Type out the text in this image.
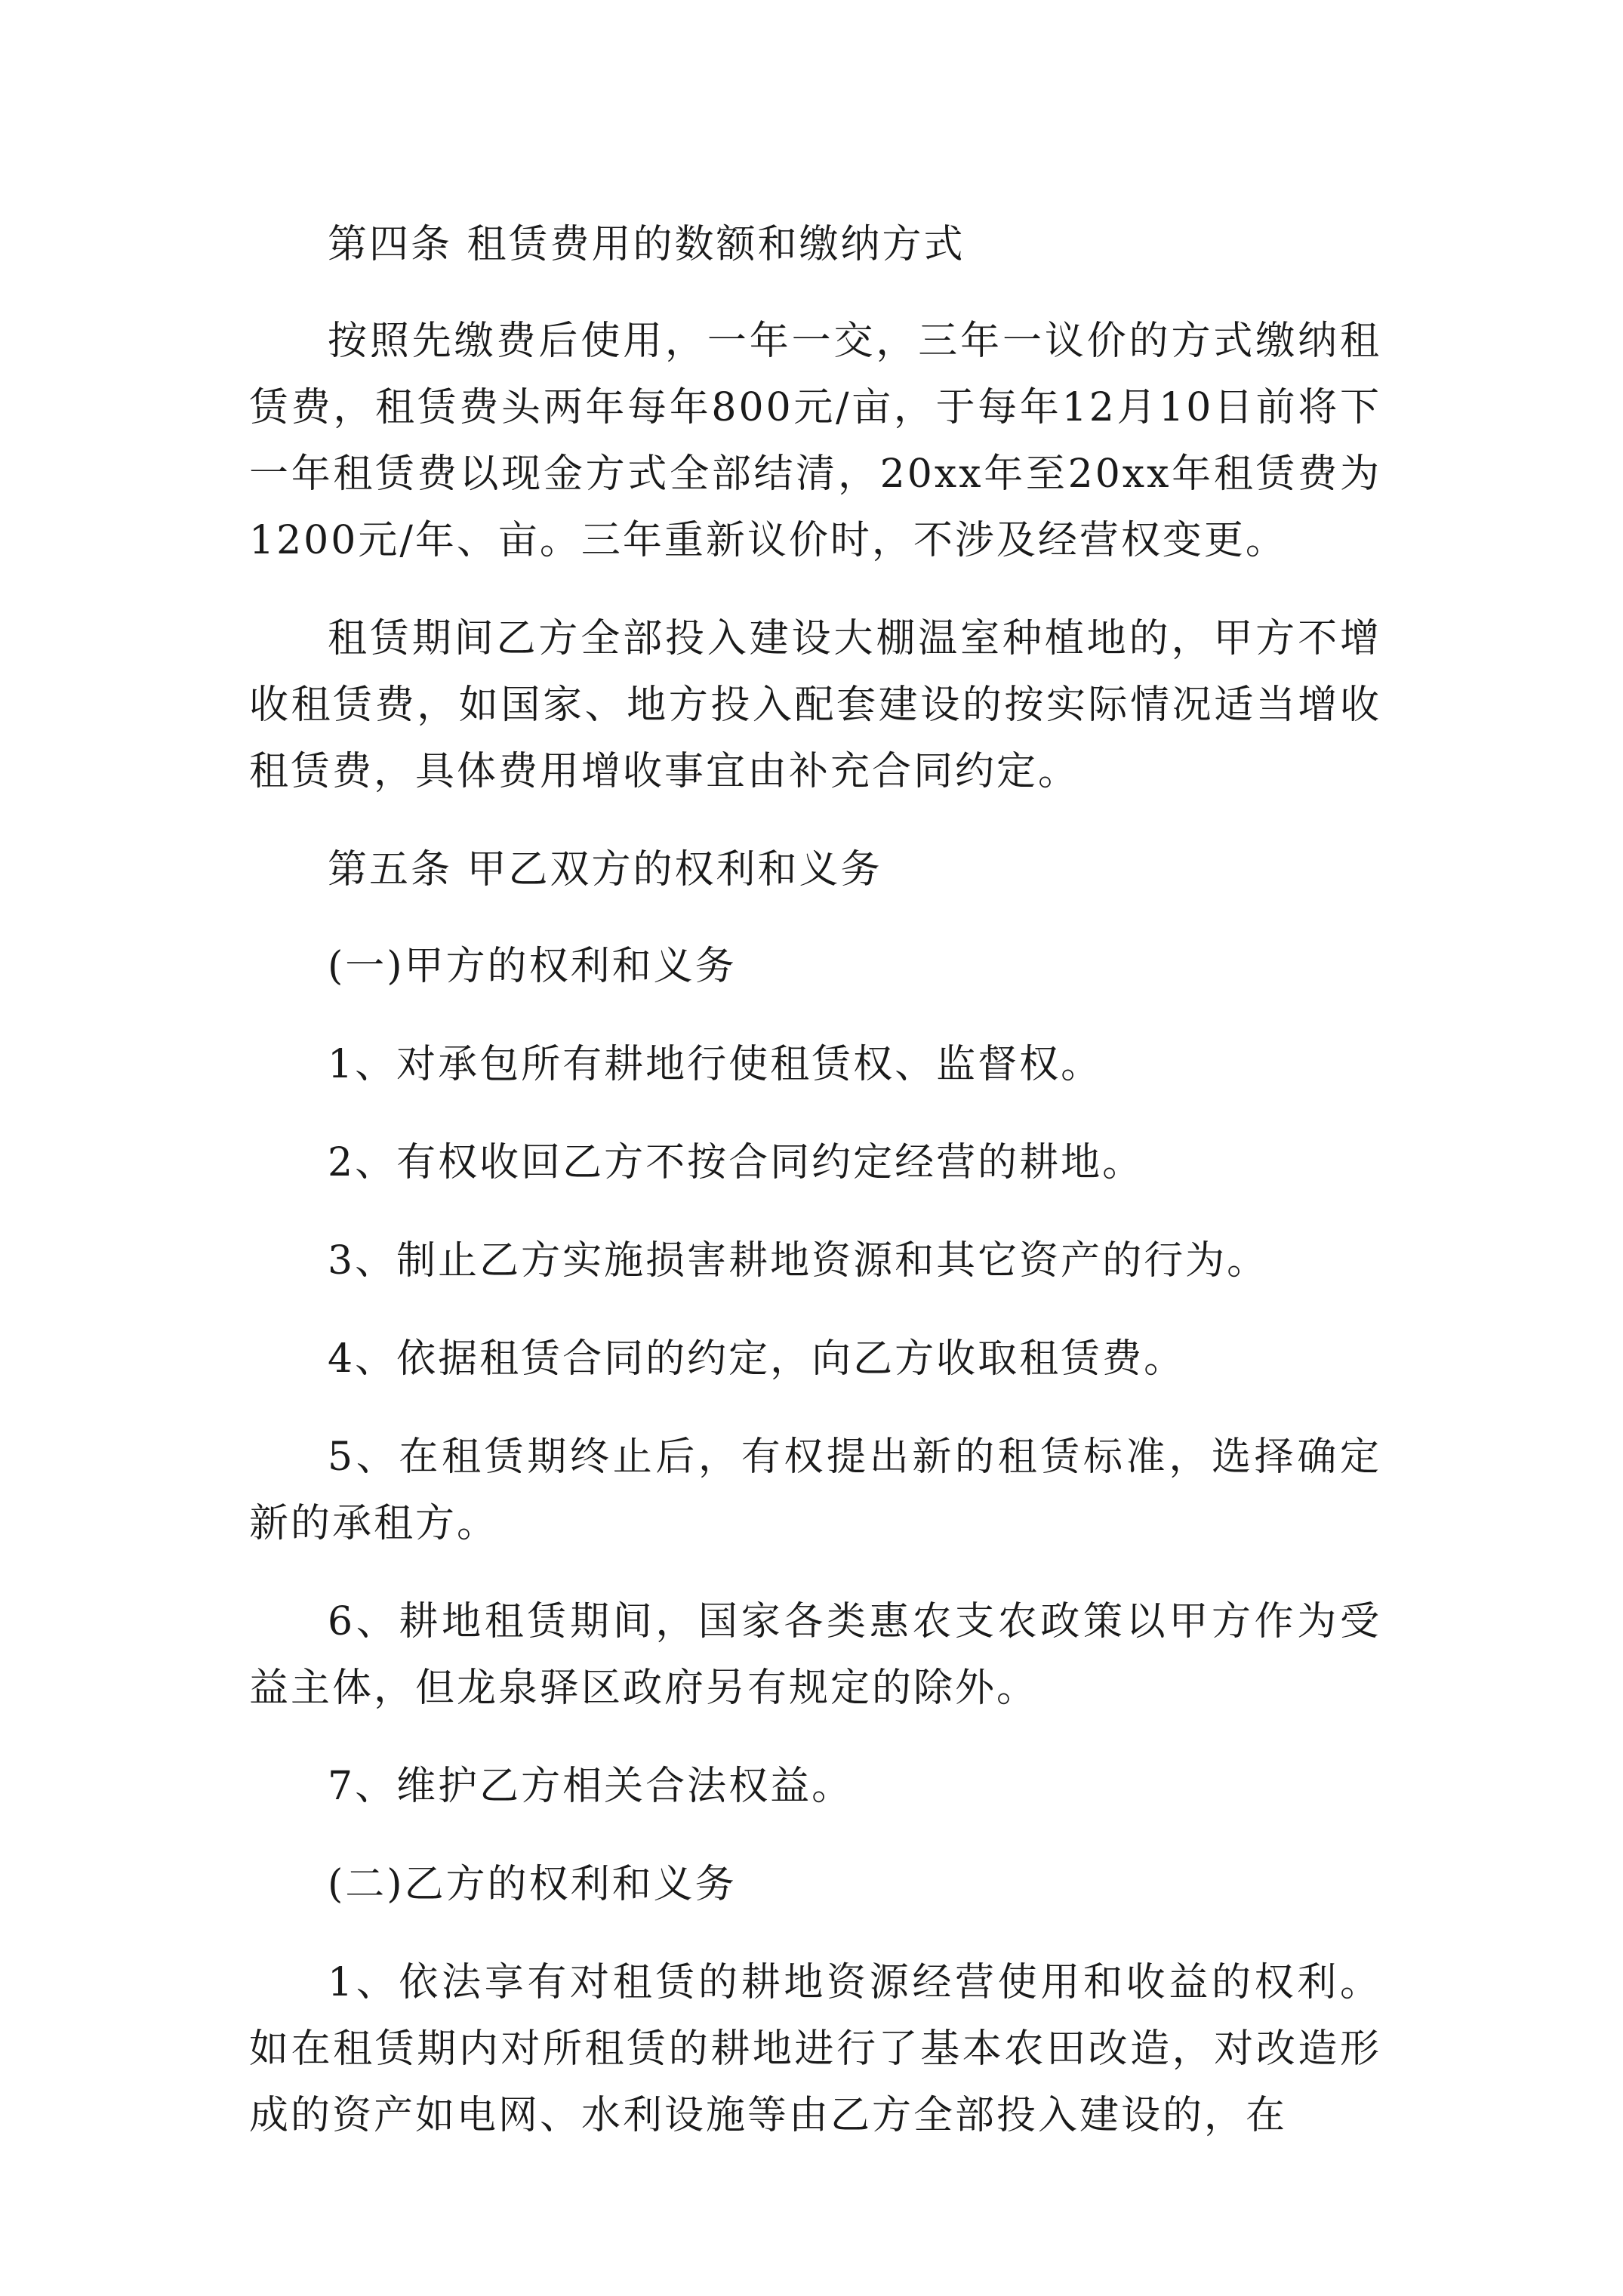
第四条 租赁费用的数额和缴纳方式

按照先缴费后使用，一年一交，三年一议价的方式缴纳租赁费，租赁费头两年每年800元/亩，于每年12月10日前将下一年租赁费以现金方式全部结清，20xx年至20xx年租赁费为1200元/年、亩。三年重新议价时，不涉及经营权变更。

租赁期间乙方全部投入建设大棚温室种植地的，甲方不增收租赁费，如国家、地方投入配套建设的按实际情况适当增收租赁费，具体费用增收事宜由补充合同约定。

第五条 甲乙双方的权利和义务

(一)甲方的权利和义务

1、对承包所有耕地行使租赁权、监督权。

2、有权收回乙方不按合同约定经营的耕地。

3、制止乙方实施损害耕地资源和其它资产的行为。

4、依据租赁合同的约定，向乙方收取租赁费。

5、在租赁期终止后，有权提出新的租赁标准，选择确定新的承租方。

6、耕地租赁期间，国家各类惠农支农政策以甲方作为受益主体，但龙泉驿区政府另有规定的除外。

7、维护乙方相关合法权益。

(二)乙方的权利和义务

1、依法享有对租赁的耕地资源经营使用和收益的权利。如在租赁期内对所租赁的耕地进行了基本农田改造，对改造形成的资产如电网、水利设施等由乙方全部投入建设的，在
